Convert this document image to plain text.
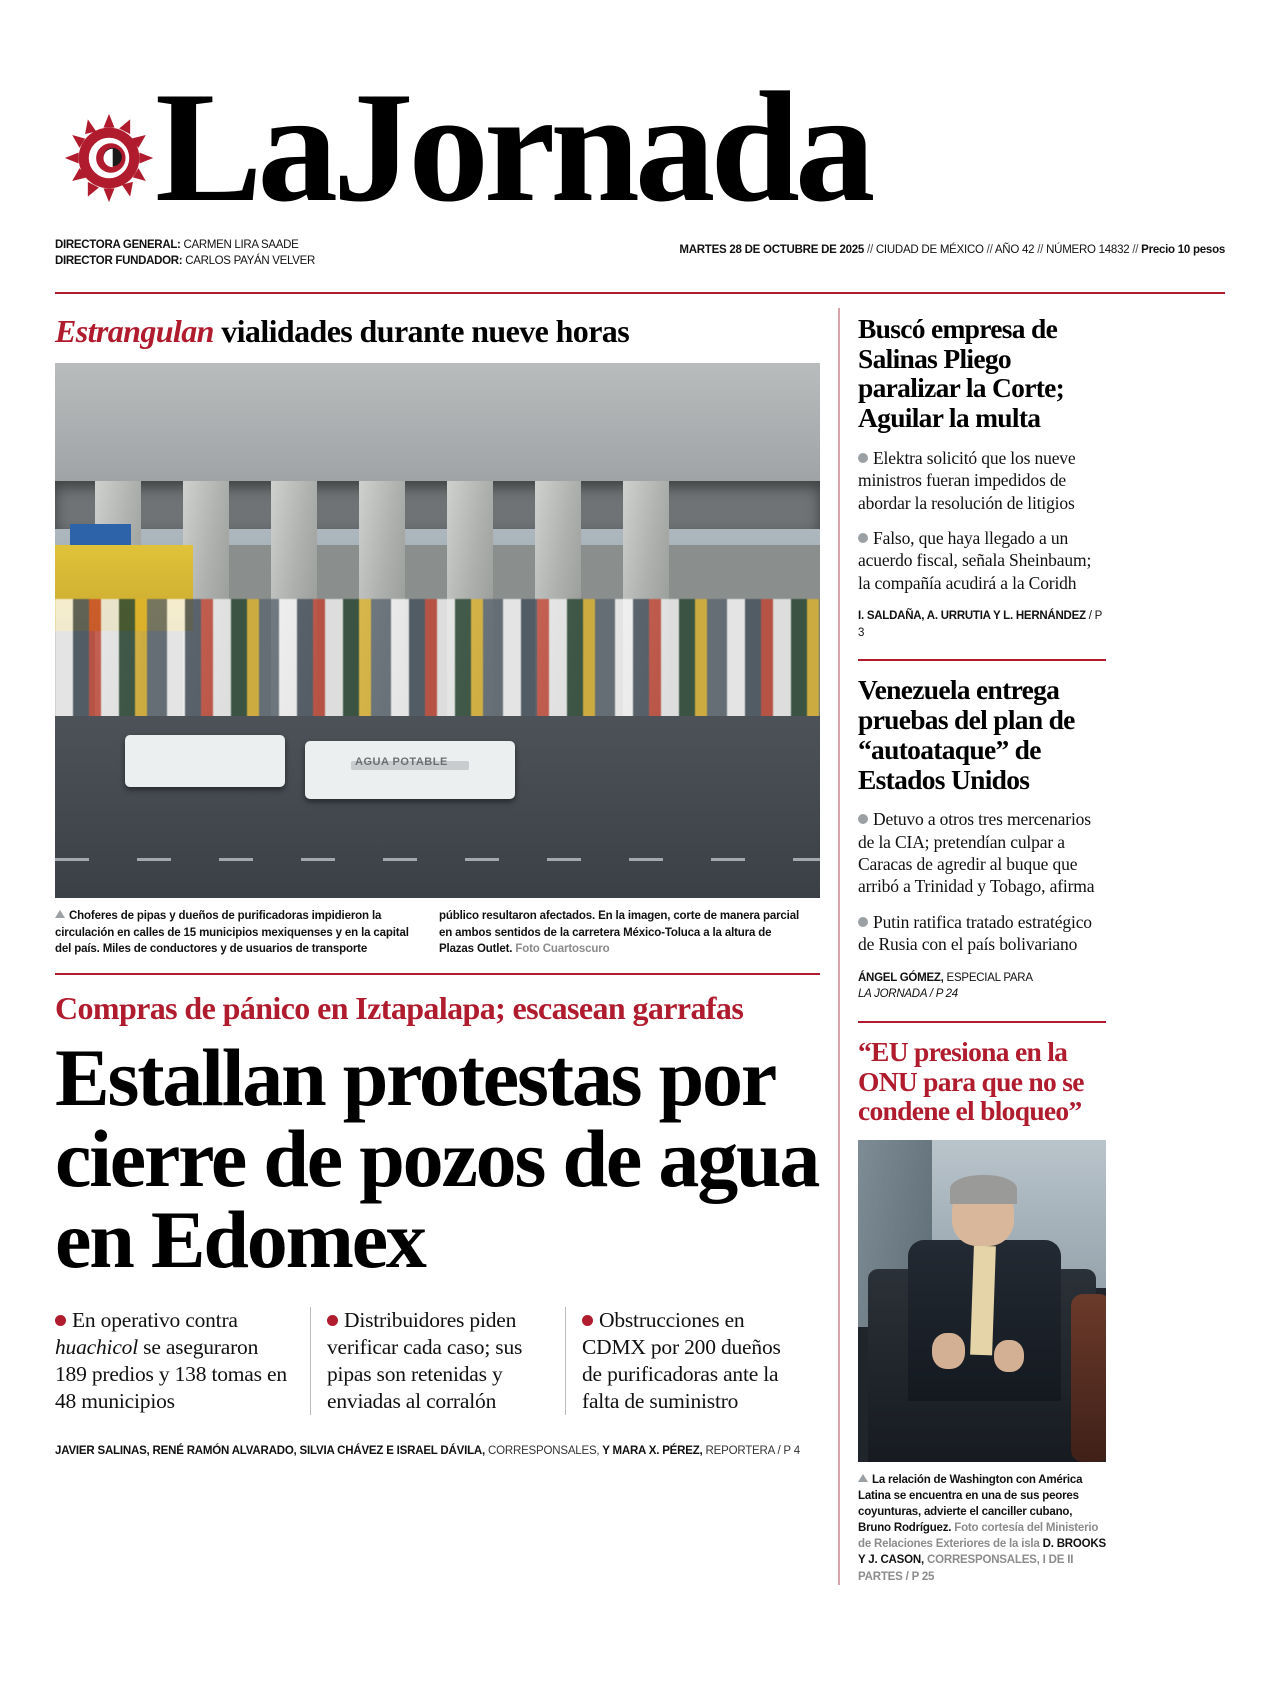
LaJornada
DIRECTORA GENERAL: CARMEN LIRA SAADE
DIRECTOR FUNDADOR: CARLOS PAYÁN VELVER
MARTES 28 DE OCTUBRE DE 2025 // CIUDAD DE MÉXICO // AÑO 42 // NÚMERO 14832 // Precio 10 pesos
Estrangulan vialidades durante nueve horas
AGUA POTABLE
Choferes de pipas y dueños de purificadoras impidieron la circulación en calles de 15 municipios mexiquenses y en la capital del país. Miles de conductores y de usuarios de transporte
público resultaron afectados. En la imagen, corte de manera parcial en ambos sentidos de la carretera México-Toluca a la altura de Plazas Outlet. Foto Cuartoscuro
Compras de pánico en Iztapalapa; escasean garrafas
Estallan protestas por cierre de pozos de agua en Edomex
En operativo contra huachicol se aseguraron 189 predios y 138 tomas en 48 municipios
Distribuidores piden verificar cada caso; sus pipas son retenidas y enviadas al corralón
Obstrucciones en CDMX por 200 dueños de purificadoras ante la falta de suministro
JAVIER SALINAS, RENÉ RAMÓN ALVARADO, SILVIA CHÁVEZ E ISRAEL DÁVILA, CORRESPONSALES, Y MARA X. PÉREZ, REPORTERA / P 4
Buscó empresa de Salinas Pliego paralizar la Corte; Aguilar la multa
Elektra solicitó que los nueve ministros fueran impedidos de abordar la resolución de litigios
Falso, que haya llegado a un acuerdo fiscal, señala Sheinbaum; la compañía acudirá a la Coridh
I. SALDAÑA, A. URRUTIA Y L. HERNÁNDEZ / P 3
Venezuela entrega pruebas del plan de “autoataque” de Estados Unidos
Detuvo a otros tres mercenarios de la CIA; pretendían culpar a Caracas de agredir al buque que arribó a Trinidad y Tobago, afirma
Putin ratifica tratado estratégico de Rusia con el país bolivariano
ÁNGEL GÓMEZ, ESPECIAL PARA
LA JORNADA / P 24
“EU presiona en la ONU para que no se condene el bloqueo”
La relación de Washington con América Latina se encuentra en una de sus peores coyunturas, advierte el canciller cubano, Bruno Rodríguez. Foto cortesía del Ministerio de Relaciones Exteriores de la isla D. BROOKS Y J. CASON, CORRESPONSALES, I DE II PARTES / P 25
